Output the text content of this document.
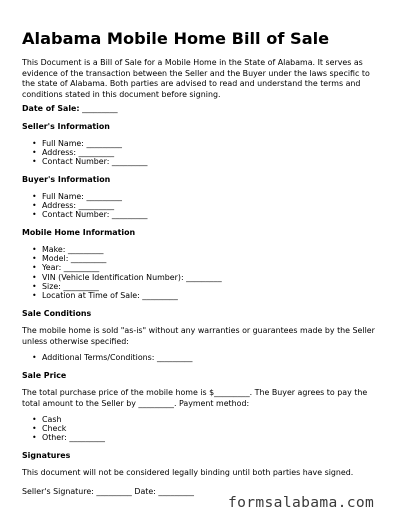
Alabama Mobile Home Bill of Sale
This Document is a Bill of Sale for a Mobile Home in the State of Alabama. It serves as evidence of the transaction between the Seller and the Buyer under the laws specific to the state of Alabama. Both parties are advised to read and understand the terms and conditions stated in this document before signing.
Date of Sale: _________
Seller's Information
• Full Name: _________
• Address: _________
• Contact Number: _________
Buyer's Information
• Full Name: _________
• Address: _________
• Contact Number: _________
Mobile Home Information
• Make: _________
• Model: _________
• Year: _________
• VIN (Vehicle Identification Number): _________
• Size: _________
• Location at Time of Sale: _________
Sale Conditions
The mobile home is sold "as-is" without any warranties or guarantees made by the Seller unless otherwise specified:
• Additional Terms/Conditions: _________
Sale Price
The total purchase price of the mobile home is $_________. The Buyer agrees to pay the total amount to the Seller by _________. Payment method:
• Cash
• Check
• Other: _________
Signatures
This document will not be considered legally binding until both parties have signed.
Seller's Signature: _________ Date: _________
formsalabama.com
